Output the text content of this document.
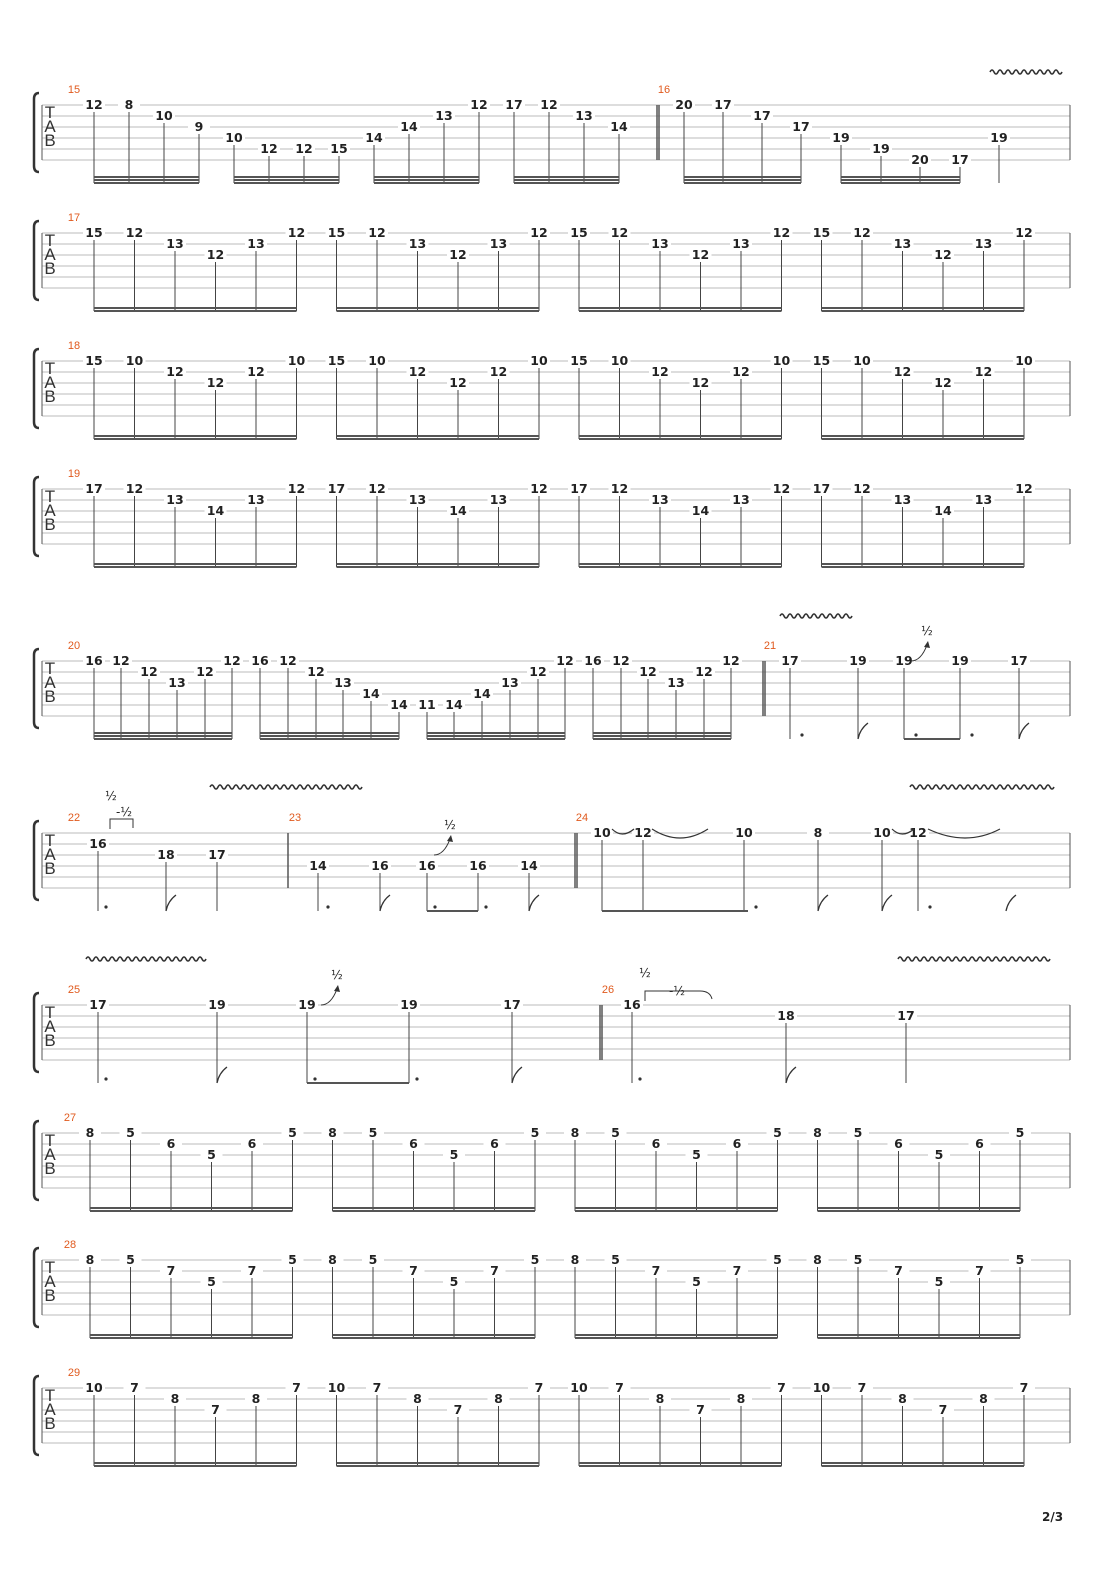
T
A
B
15
12 8
10
9
10
12 12 15
14
14
13
12 17 12
13
14
16
20 17
17
17
19
19
20 17
19
T
A
B
17
15 12
13
12
13
12 15 12
13
12
13
12 15 12
13
12
13
12 15 12
13
12
13
12
T
A
B
18
15 10
12
12
12
10 15 10
12
12
12
10 15 10
12
12
12
10 15 10
12
12
12
10
T
A
B
19
17 12
13
14
13
12 17 12
13
14
13
12 17 12
13
14
13
12 17 12
13
14
13
12
T
A
B
27
8	5
6
5
6
5	8	5
6
5
6
5	8	5
6
5
6
5	8	5
6
5
6
5
T
A
B
28
8	5
7
5
7
5	8	5
7
5
7
5	8	5
7
5
7
5	8	5
7
5
7
5
T
A
B
29
10 7
8
7
8
7 10 7
8
7
8
7 10 7
8
7
8
7 10 7
8
7
8
7
T
A
B
20
16 12
12
13
12
12 16 12
12
13
14
14 11 14
14
13
12
12 16 12
12
13
12
12
21
17	19 19	19	17
½
T
A
B
22
16
18	17
½
-½	23
14	16 16	16	14
½	24
10 12	10	8	10 12
T
A
B
25
17	19	19	19	17
½
26
16
18	17
½
-½
2/3
